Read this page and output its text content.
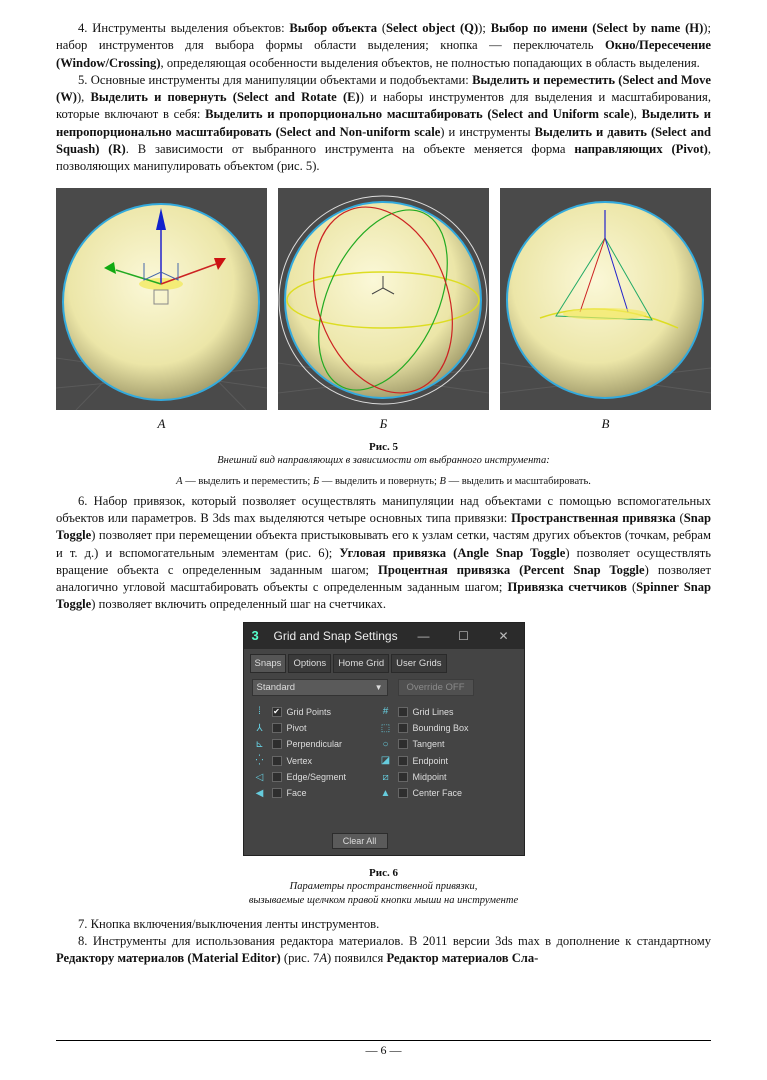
4. Инструменты выделения объектов: Выбор объекта (Select object (Q)); Выбор по имени (Select by name (H)); набор инструментов для выбора формы области выделения; кнопка — переключатель Окно/Пересечение (Window/Crossing), определяющая особенности выделения объектов, не полностью попадающих в область выделения.

5. Основные инструменты для манипуляции объектами и подобъектами: Выделить и переместить (Select and Move (W)), Выделить и повернуть (Select and Rotate (E)) и наборы инструментов для выделения и масштабирования, которые включают в себя: Выделить и пропорционально масштабировать (Select and Uniform scale), Выделить и непропорционально масштабировать (Select and Non-uniform scale) и инструменты Выделить и давить (Select and Squash) (R). В зависимости от выбранного инструмента на объекте меняется форма направляющих (Pivot), позволяющих манипулировать объектом (рис. 5).

А	Б	В
Рис. 5
Внешний вид направляющих в зависимости от выбранного инструмента:
А — выделить и переместить; Б — выделить и повернуть; В — выделить и масштабировать.

6. Набор привязок, который позволяет осуществлять манипуляции над объектами с помощью вспомогательных объектов или параметров. В 3ds max выделяются четыре основных типа привязки: Пространственная привязка (Snap Toggle) позволяет при перемещении объекта пристыковывать его к узлам сетки, частям других объектов (точкам, ребрам и т. д.) и вспомогательным элементам (рис. 6); Угловая привязка (Angle Snap Toggle) позволяет осуществлять вращение объекта с определенным заданным шагом; Процентная привязка (Percent Snap Toggle) позволяет аналогично угловой масштабировать объекты с определенным заданным шагом; Привязка счетчиков (Spinner Snap Toggle) позволяет включить определенный шаг на счетчиках.

3	Grid and Snap Settings	—	☐	✕
Snaps	Options	Home Grid	User Grids
Standard	▼	Override OFF
⁞	✔ Grid Points	#	Grid Lines
⅄	Pivot	⬚	Bounding Box
⊾	Perpendicular	○	Tangent
⁛	Vertex	◪	Endpoint
◁	Edge/Segment	⧄	Midpoint
◀	Face	▲	Center Face
Clear All
Рис. 6
Параметры пространственной привязки,
вызываемые щелчком правой кнопки мыши на инструменте

7. Кнопка включения/выключения ленты инструментов.

8. Инструменты для использования редактора материалов. В 2011 версии 3ds max в дополнение к стандартному Редактору материалов (Material Editor) (рис. 7А) появился Редактор материалов Сла-

— 6 —
